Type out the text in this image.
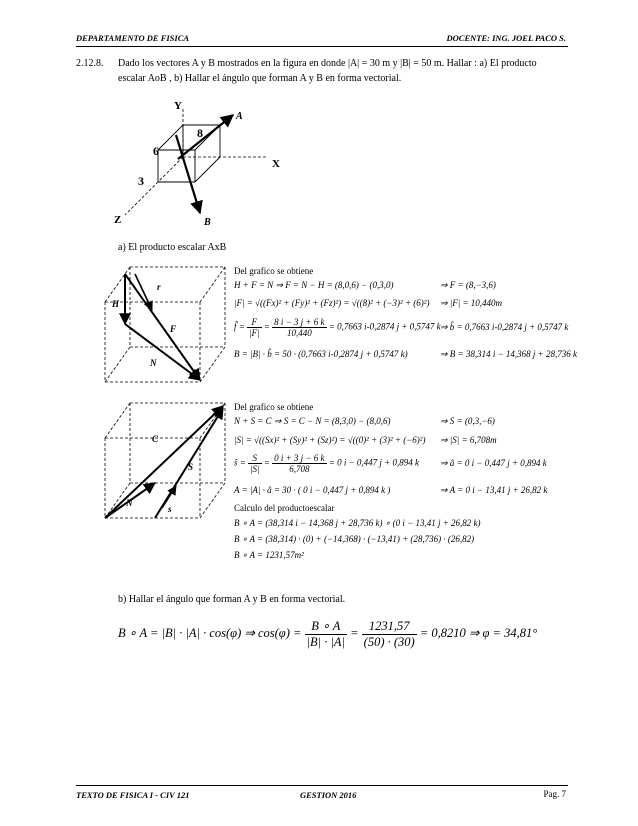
DEPARTAMENTO DE FISICA	DOCENTE: ING. JOEL PACO S.
2.12.8. Dado los vectores A y B mostrados en la figura en donde |A| = 30 m y |B| = 50 m. Hallar : a) El producto
escalar AoB , b) Hallar el ángulo que forman A y B en forma vectorial.
Y
X
Z
A
B
8
6
3
a) El producto escalar AxB
r
H
F
N
Del grafico se obtiene
H + F = N ⇒ F = N − H = (8,0,6) − (0,3,0)	⇒ F = (8,−3,6)
|F| = √((Fx)² + (Fy)² + (Fz)²) = √((8)² + (−3)² + (6)²) ⇒ |F| = 10,440m
f̂ = $\frac{F}{|F|} = \frac{8 i - 3 j + 6 k}{10,440} = 0,7663$ i-0,2874 j + 0,5747 k ⇒ b̂ = 0,7663 i-0,2874 j + 0,5747 k
B = |B| · b̂ = 50 · (0,7663 i-0,2874 j + 0,5747 k)	⇒ B = 38,314 i − 14,368 j + 28,736 k
C
S
N
s
Del grafico se obtiene
N + S = C ⇒ S = C − N = (8,3,0) − (8,0,6)	⇒ S = (0,3,−6)
|S| = √((Sx)² + (Sy)² + (Sz)²) = √((0)² + (3)² + (−6)²) ⇒ |S| = 6,708m
ŝ = $\frac{S}{|S|} = \frac{0 i + 3 j - 6 k}{6,708} = 0$ i − 0,447 j + 0,894 k ⇒ â = 0 i − 0,447 j + 0,894 k
A = |A| · â = 30 · ( 0 i − 0,447 j + 0,894 k )	⇒ A = 0 i − 13,41 j + 26,82 k
Calculo del productoescalar
B ∘ A = (38,314 i − 14,368 j + 28,736 k) ∘ (0 i − 13,41 j + 26,82 k)
B ∘ A = (38,314) · (0) + (−14,368) · (−13,41) + (28,736) · (26,82)
B ∘ A = 1231,57m²
b) Hallar el ángulo que forman A y B en forma vectorial.
B ∘ A = |B| · |A| · cos(φ) ⇒ $\cos(\varphi) = \frac{B \circ A}{|B| \cdot |A|} = \frac{1231,57}{(50) \cdot (30)} = 0,8210$ ⇒ φ = 34,81°
TEXTO DE FISICA I - CIV 121	GESTION 2016	Pag. 7
